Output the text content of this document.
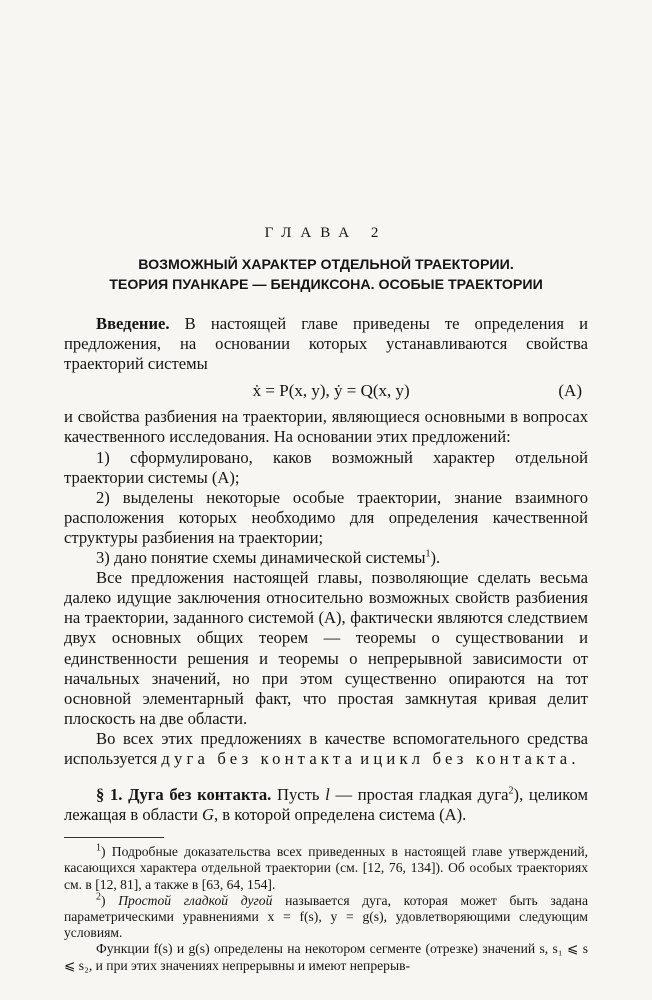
ГЛАВА 2
ВОЗМОЖНЫЙ ХАРАКТЕР ОТДЕЛЬНОЙ ТРАЕКТОРИИ.
ТЕОРИЯ ПУАНКАРЕ — БЕНДИКСОНА. ОСОБЫЕ ТРАЕКТОРИИ

Введение. В настоящей главе приведены те определения и предложения, на основании которых устанавливаются свойства траекторий системы

ẋ = P(x, y), ẏ = Q(x, y)	(A)

и свойства разбиения на траектории, являющиеся основными в вопросах качественного исследования. На основании этих предложений:

1) сформулировано, каков возможный характер отдельной траектории системы (A);

2) выделены некоторые особые траектории, знание взаимного расположения которых необходимо для определения качественной структуры разбиения на траектории;

3) дано понятие схемы динамической системы$^1$).

Все предложения настоящей главы, позволяющие сделать весьма далеко идущие заключения относительно возможных свойств разбиения на траектории, заданного системой (A), фактически являются следствием двух основных общих теорем — теоремы о существовании и единственности решения и теоремы о непрерывной зависимости от начальных значений, но при этом существенно опираются на тот основной элементарный факт, что простая замкнутая кривая делит плоскость на две области.

Во всех этих предложениях в качестве вспомогательного средства используется дуга без контакта и цикл без контакта.

§ 1. Дуга без контакта. Пусть l — простая гладкая дуга$^2$), целиком лежащая в области G, в которой определена система (A).

$^1$) Подробные доказательства всех приведенных в настоящей главе утверждений, касающихся характера отдельной траектории (см. [12, 76, 134]). Об особых траекториях см. в [12, 81], а также в [63, 64, 154].

$^2$) Простой гладкой дугой называется дуга, которая может быть задана параметрическими уравнениями x = f(s), y = g(s), удовлетворяющими следующим условиям.

Функции f(s) и g(s) определены на некотором сегменте (отрезке) значений s, s₁ ⩽ s ⩽ s₂, и при этих значениях непрерывны и имеют непрерыв-
